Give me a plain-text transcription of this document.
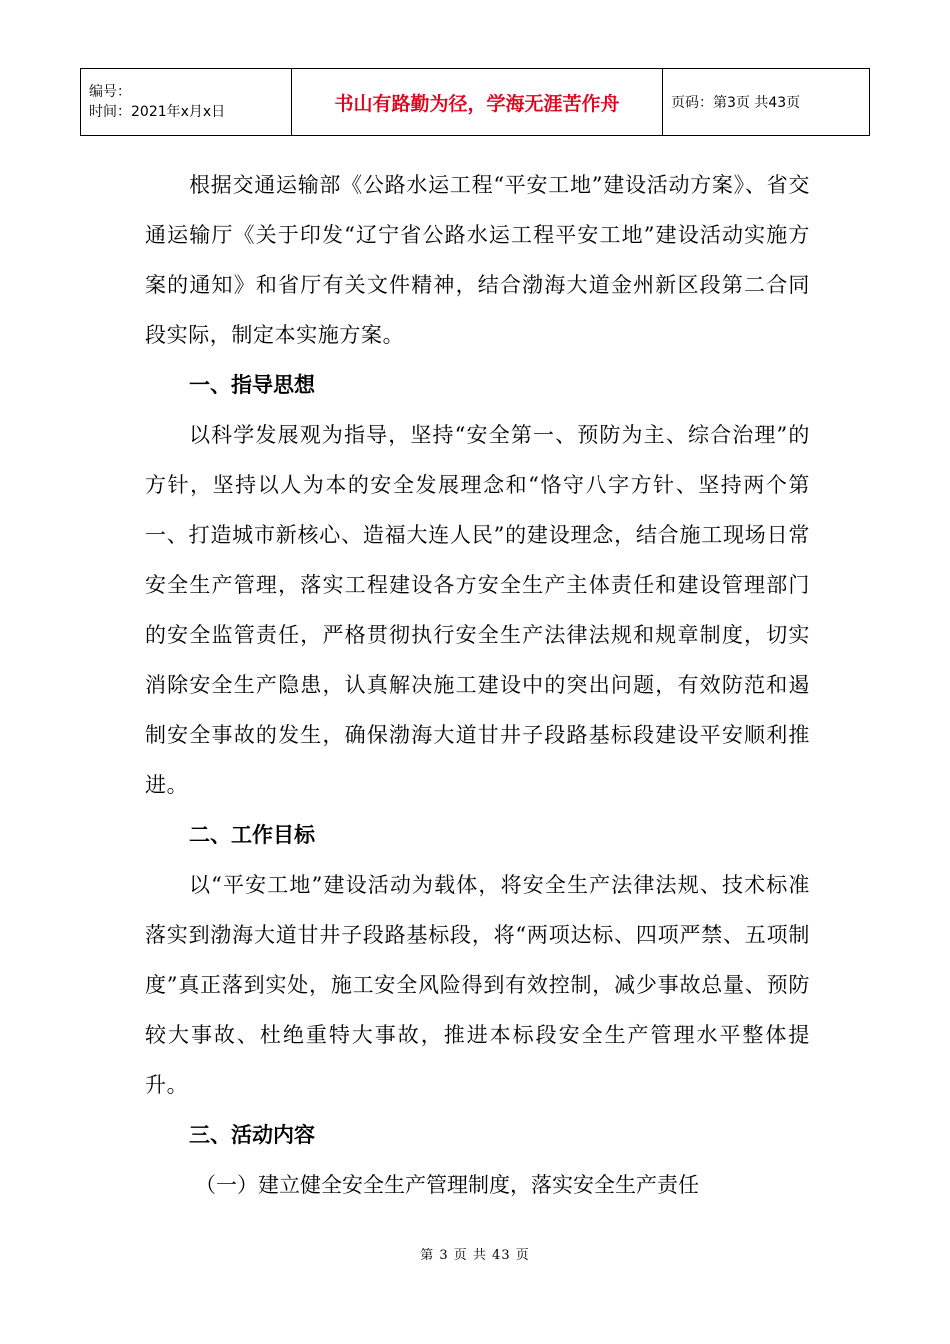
编号：
时间：2021年x月x日	书山有路勤为径，学海无涯苦作舟	页码：第3页 共43页

根据交通运输部《公路水运工程“平安工地”建设活动方案》、省交通运输厅《关于印发“辽宁省公路水运工程平安工地”建设活动实施方案的通知》和省厅有关文件精神，结合渤海大道金州新区段第二合同段实际，制定本实施方案。

一、指导思想

以科学发展观为指导，坚持“安全第一、预防为主、综合治理”的方针，坚持以人为本的安全发展理念和“恪守八字方针、坚持两个第一、打造城市新核心、造福大连人民”的建设理念，结合施工现场日常安全生产管理，落实工程建设各方安全生产主体责任和建设管理部门的安全监管责任，严格贯彻执行安全生产法律法规和规章制度，切实消除安全生产隐患，认真解决施工建设中的突出问题，有效防范和遏制安全事故的发生，确保渤海大道甘井子段路基标段建设平安顺利推进。

二、工作目标

以“平安工地”建设活动为载体，将安全生产法律法规、技术标准落实到渤海大道甘井子段路基标段，将“两项达标、四项严禁、五项制度”真正落到实处，施工安全风险得到有效控制，减少事故总量、预防较大事故、杜绝重特大事故，推进本标段安全生产管理水平整体提升。

三、活动内容

（一）建立健全安全生产管理制度，落实安全生产责任

第 3 页 共 43 页
